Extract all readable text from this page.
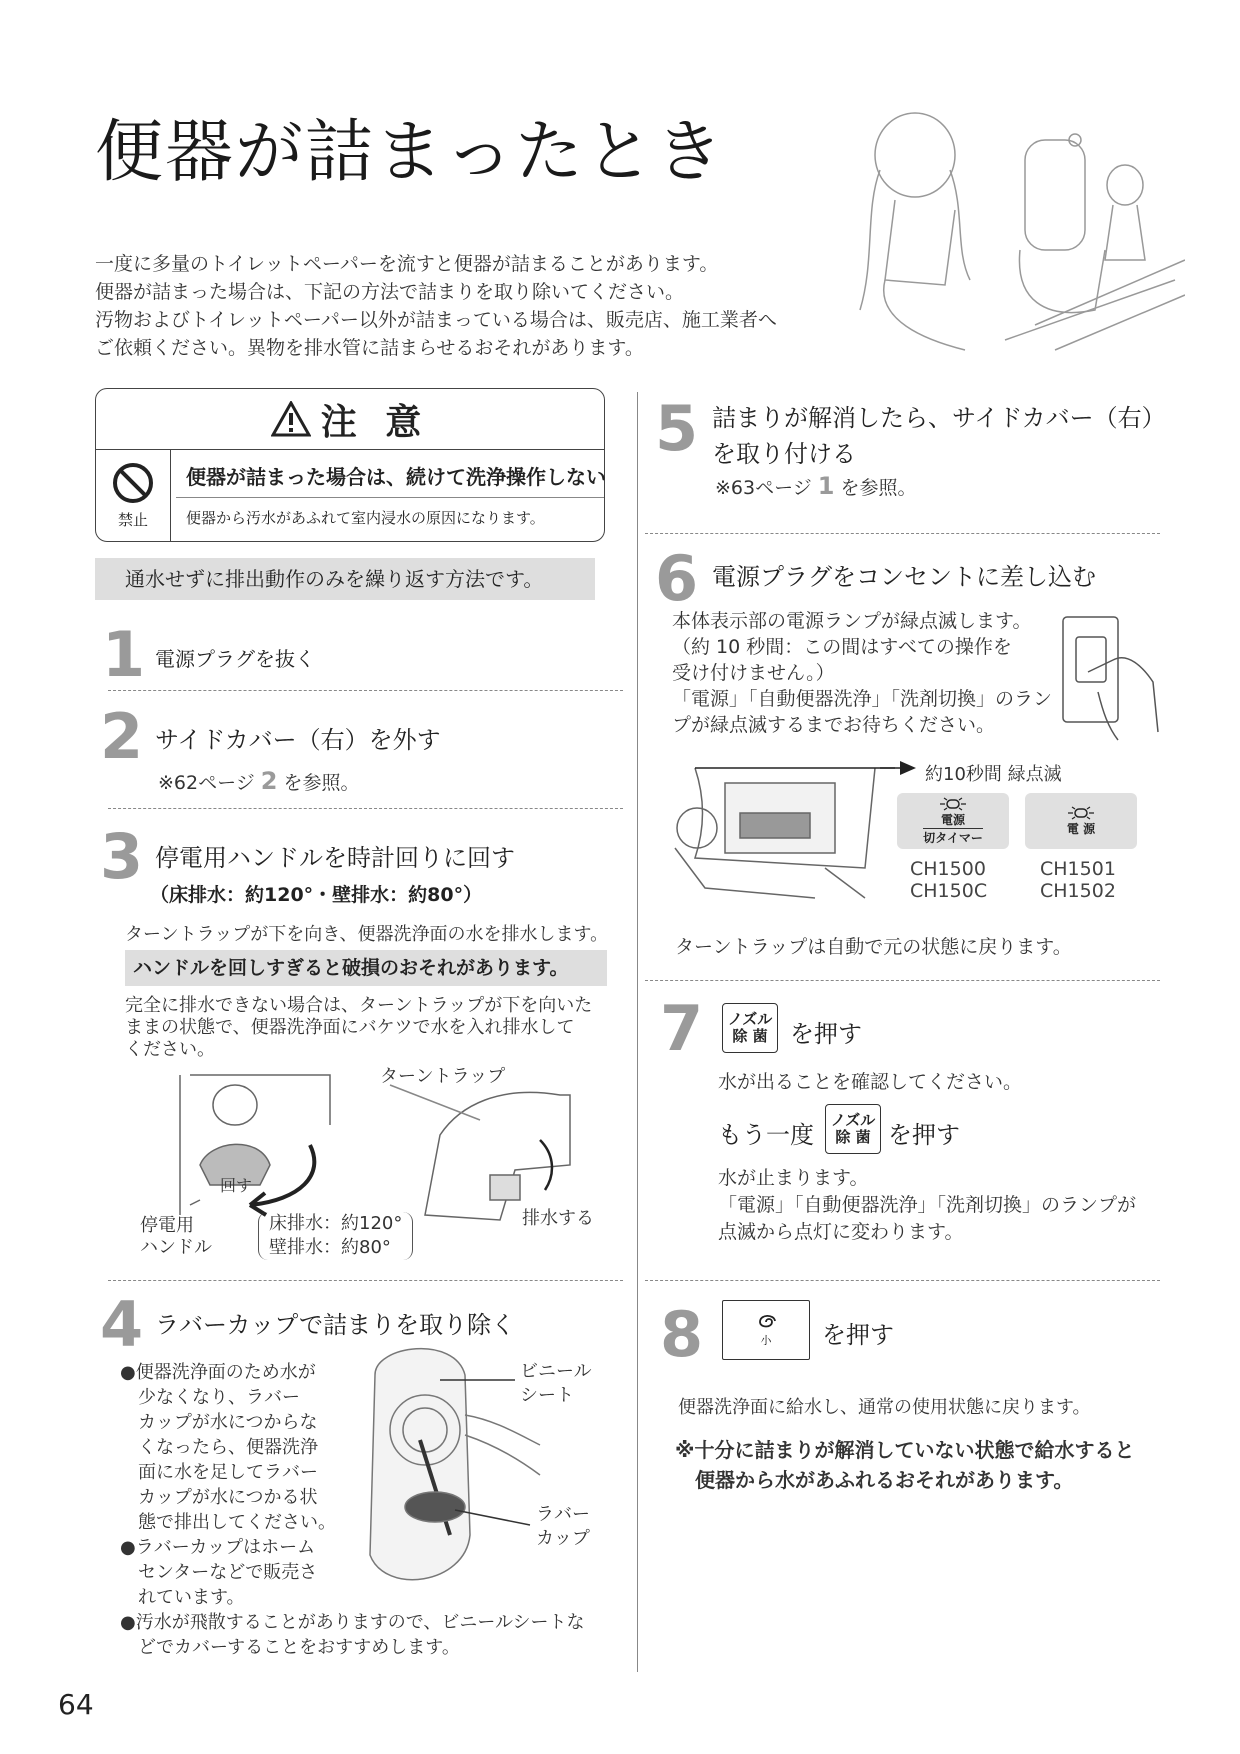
便器が詰まったとき
一度に多量のトイレットペーパーを流すと便器が詰まることがあります。
便器が詰まった場合は、下記の方法で詰まりを取り除いてください。
汚物およびトイレットペーパー以外が詰まっている場合は、販売店、施工業者へ
ご依頼ください。異物を排水管に詰まらせるおそれがあります。
注 意
禁止
便器が詰まった場合は、続けて洗浄操作しない
便器から汚水があふれて室内浸水の原因になります。
通水せずに排出動作のみを繰り返す方法です。
1 電源プラグを抜く
2 サイドカバー（右）を外す
※62ページ 2 を参照。
3 停電用ハンドルを時計回りに回す
（床排水：約120°・壁排水：約80°）
ターントラップが下を向き、便器洗浄面の水を排水します。
ハンドルを回しすぎると破損のおそれがあります。
完全に排水できない場合は、ターントラップが下を向いた
ままの状態で、便器洗浄面にバケツで水を入れ排水して
ください。
回す
ターントラップ
排水する
停電用
ハンドル
床排水：約120°
壁排水：約80°
4 ラバーカップで詰まりを取り除く
●便器洗浄面のため水が
少なくなり、ラバー
カップが水につからな
くなったら、便器洗浄
面に水を足してラバー
カップが水につかる状
態で排出してください。
●ラバーカップはホーム
センターなどで販売さ
れています。
●汚水が飛散することがありますので、ビニールシートな
どでカバーすることをおすすめします。
ビニール
シート
ラバー
カップ
5 詰まりが解消したら、サイドカバー（右）
を取り付ける
※63ページ 1 を参照。
6 電源プラグをコンセントに差し込む
本体表示部の電源ランプが緑点滅します。
（約 10 秒間：この間はすべての操作を
受け付けません。）
「電源」「自動便器洗浄」「洗剤切換」のラン
プが緑点滅するまでお待ちください。
約10秒間 緑点滅
電源
切タイマー
電 源
CH1500
CH150C
CH1501
CH1502
ターントラップは自動で元の状態に戻ります。
7 ノズル
除 菌 を押す
水が出ることを確認してください。
もう一度
ノズル
除 菌 を押す
水が止まります。
「電源」「自動便器洗浄」「洗剤切換」のランプが
点滅から点灯に変わります。
8	小 を押す
便器洗浄面に給水し、通常の使用状態に戻ります。
※十分に詰まりが解消していない状態で給水すると
便器から水があふれるおそれがあります。
64
